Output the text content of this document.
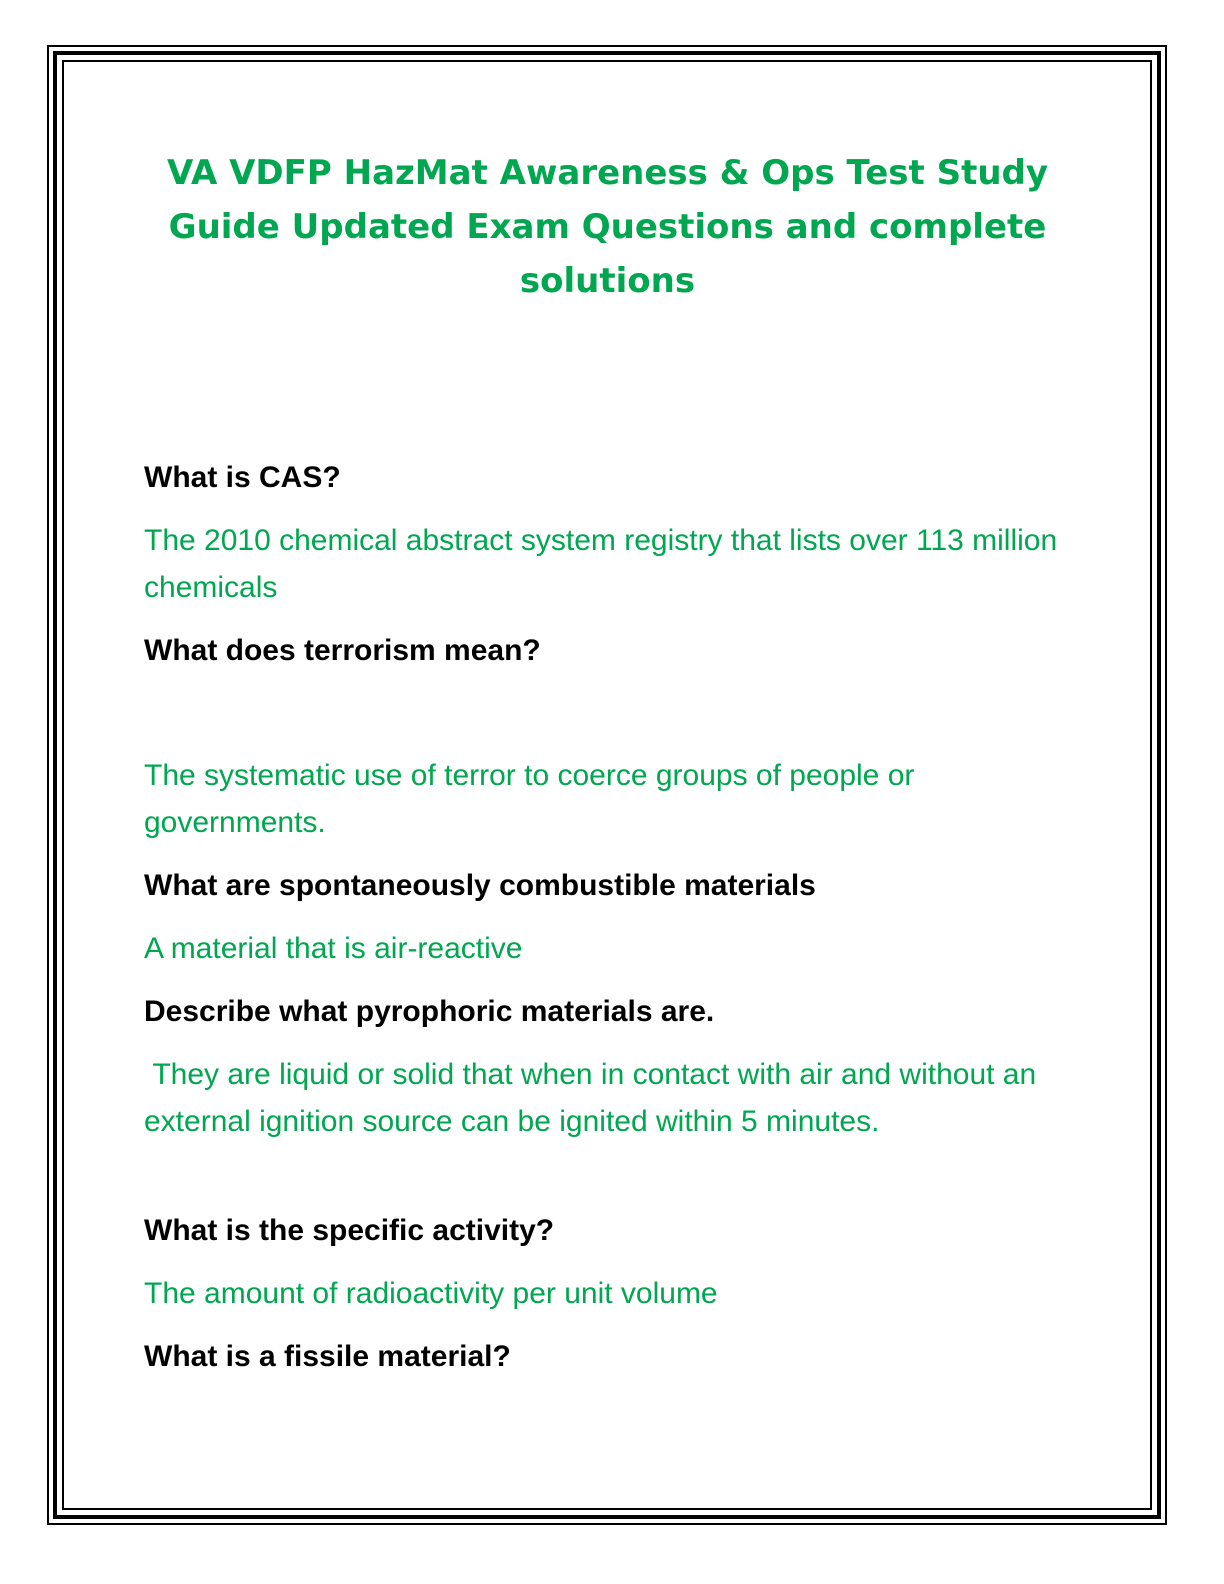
VA VDFP HazMat Awareness & Ops Test Study Guide Updated Exam Questions and complete solutions

What is CAS?

The 2010 chemical abstract system registry that lists over 113 million chemicals

What does terrorism mean?

The systematic use of terror to coerce groups of people or governments.

What are spontaneously combustible materials

A material that is air-reactive

Describe what pyrophoric materials are.

They are liquid or solid that when in contact with air and without an external ignition source can be ignited within 5 minutes.

What is the specific activity?

The amount of radioactivity per unit volume

What is a fissile material?
